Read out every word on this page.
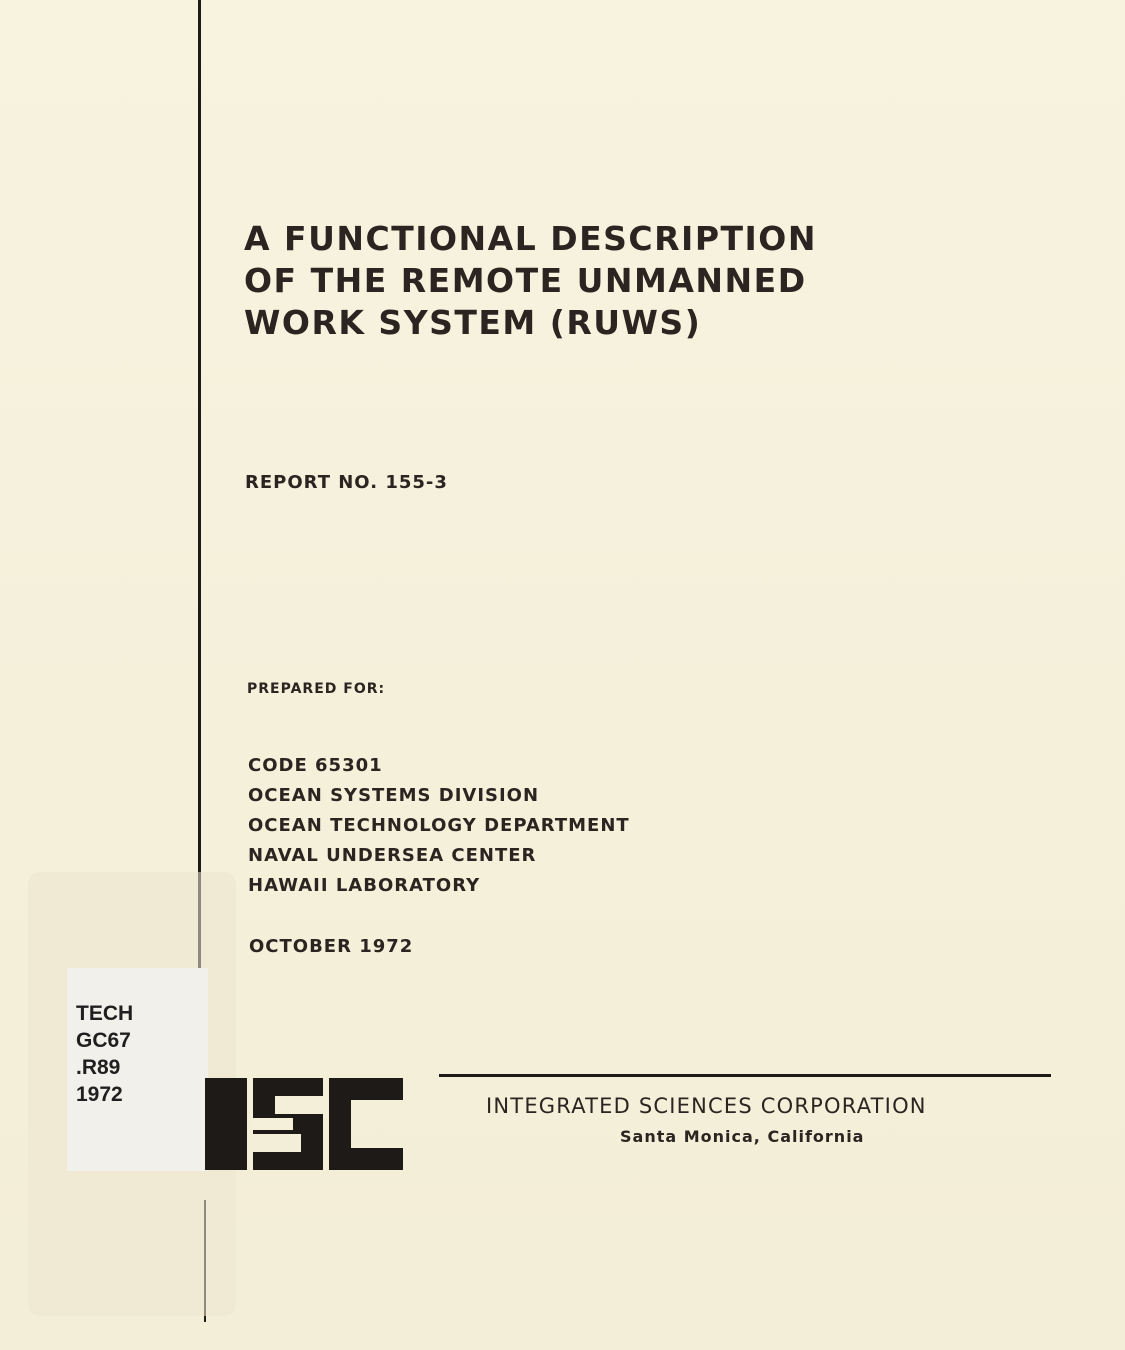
A FUNCTIONAL DESCRIPTION
OF THE REMOTE UNMANNED
WORK SYSTEM (RUWS)
REPORT NO. 155-3
PREPARED FOR:
CODE 65301
OCEAN SYSTEMS DIVISION
OCEAN TECHNOLOGY DEPARTMENT
NAVAL UNDERSEA CENTER
HAWAII LABORATORY
OCTOBER 1972
TECH
GC67
.R89
1972	INTEGRATED SCIENCES CORPORATION
Santa Monica, California
